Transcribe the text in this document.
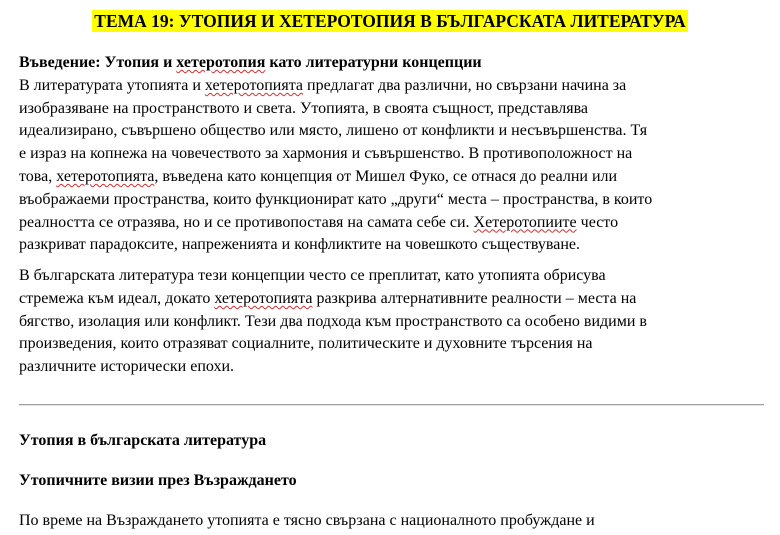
ТЕМА 19: УТОПИЯ И ХЕТЕРОТОПИЯ В БЪЛГАРСКАТА ЛИТЕРАТУРА

Въведение: Утопия и хетеротопия като литературни концепции
В литературата утопията и хетеротопията предлагат два различни, но свързани начина за
изобразяване на пространството и света. Утопията, в своята същност, представлява
идеализирано, съвършено общество или място, лишено от конфликти и несъвършенства. Тя
е израз на копнежа на човечеството за хармония и съвършенство. В противоположност на
това, хетеротопията, въведена като концепция от Мишел Фуко, се отнася до реални или
въображаеми пространства, които функционират като „други“ места – пространства, в които
реалността се отразява, но и се противопоставя на самата себе си. Хетеротопиите често
разкриват парадоксите, напреженията и конфликтите на човешкото съществуване.

В българската литература тези концепции често се преплитат, като утопията обрисува
стремежа към идеал, докато хетеротопията разкрива алтернативните реалности – места на
бягство, изолация или конфликт. Тези два подхода към пространството са особено видими в
произведения, които отразяват социалните, политическите и духовните търсения на
различните исторически епохи.

Утопия в българската литература
Утопичните визии през Възраждането

По време на Възраждането утопията е тясно свързана с националното пробуждане и
